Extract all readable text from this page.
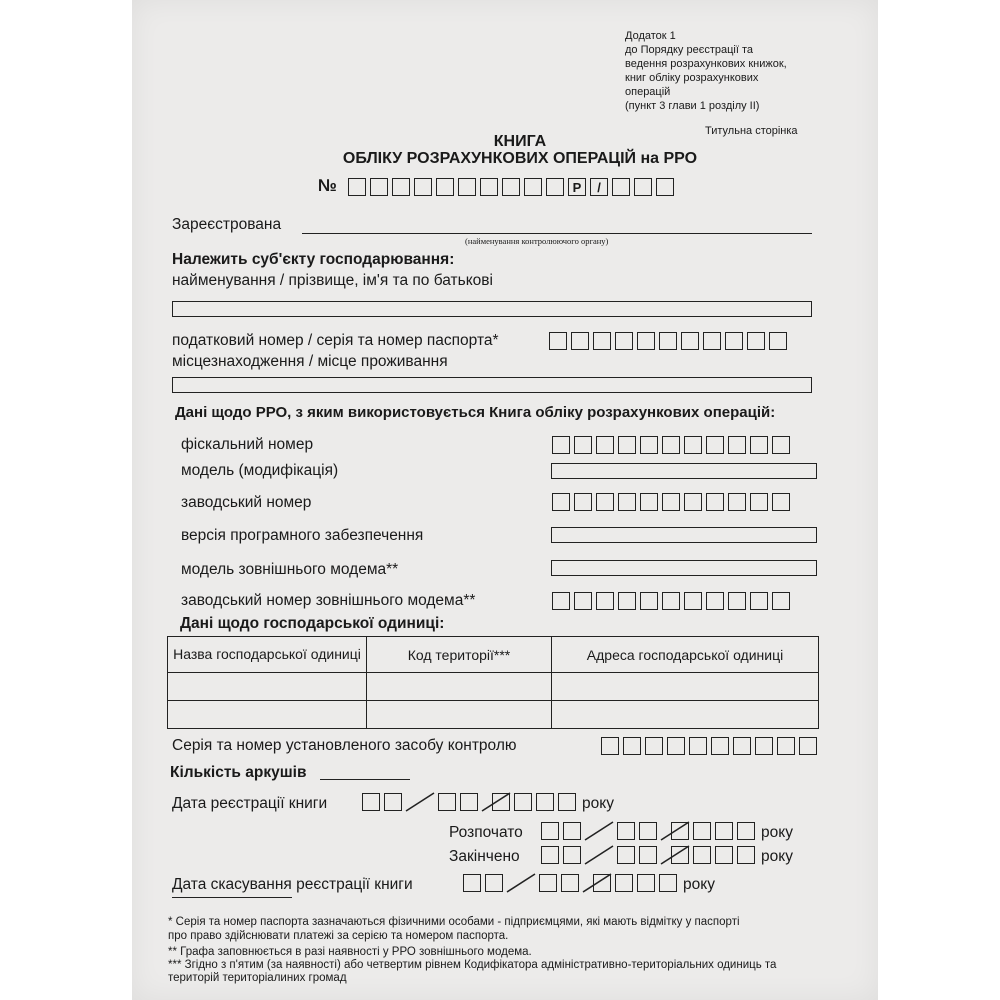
Додаток 1
до Порядку реєстрації та
ведення розрахункових книжок,
книг обліку розрахункових
операцій
(пункт 3 глави 1 розділу II)
Титульна сторінка
КНИГА
ОБЛІКУ РОЗРАХУНКОВИХ ОПЕРАЦІЙ на РРО
№	Р	/
Зареєстрована
(найменування контролюючого органу)
Належить суб'єкту господарювання:
найменування / прізвище, ім'я та по батькові
податковий номер / серія та номер паспорта*
місцезнаходження / місце проживання
Дані щодо РРО, з яким використовується Книга обліку розрахункових операцій:
фіскальний номер
модель (модифікація)
заводський номер
версія програмного забезпечення
модель зовнішнього модема**
заводський номер зовнішнього модема**
Дані щодо господарської одиниці:
Назва господарської одиниці	Код території***	Адреса господарської одиниці

Серія та номер установленого засобу контролю
Кількість аркушів
Дата реєстрації книги	року
Розпочато	року
Закінчено	року
Дата скасування реєстрації книги	року
* Серія та номер паспорта зазначаються фізичними особами - підприємцями, які мають відмітку у паспорті
про право здійснювати платежі за серією та номером паспорта.
** Графа заповнюється в разі наявності у РРО зовнішнього модема.
*** Згідно з п'ятим (за наявності) або четвертим рівнем Кодифікатора адміністративно-територіальних одиниць та
територій територіалиних громад
